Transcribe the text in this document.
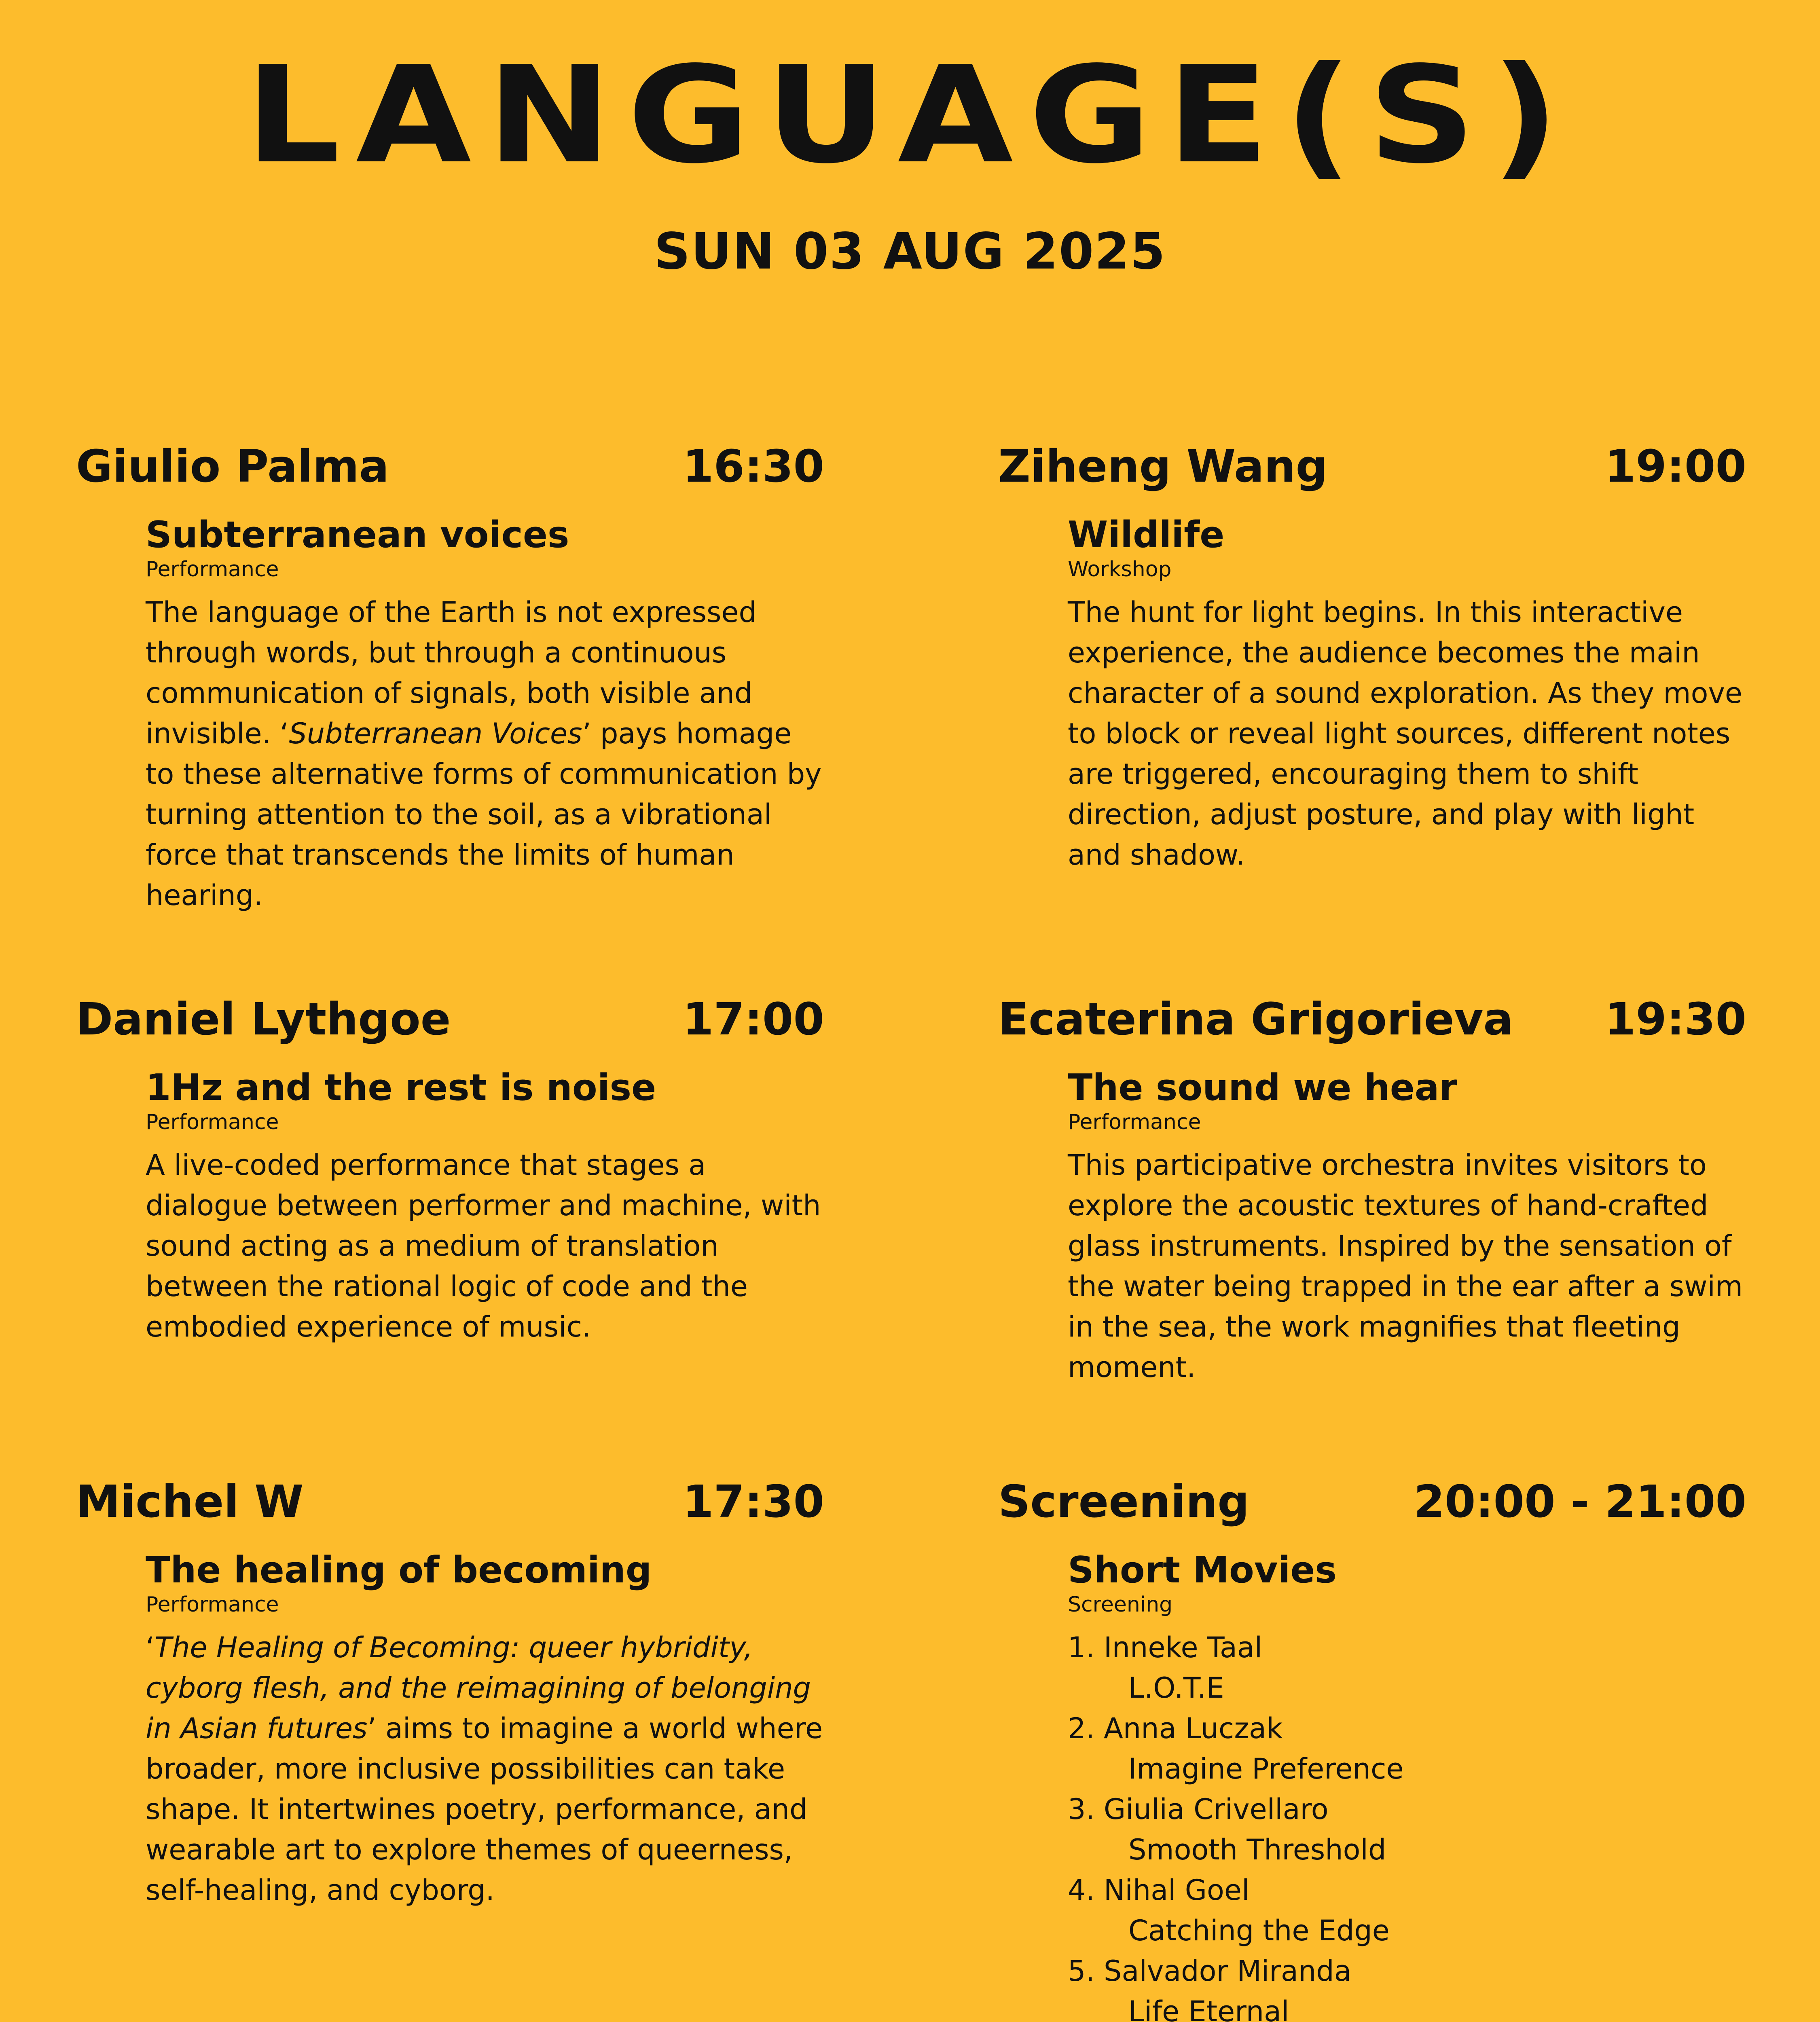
LANGUAGE(S)
SUN 03 AUG 2025
Giulio Palma	16:30
Subterranean voices
Performance
The language of the Earth is not expressed through words, but through a continuous communication of signals, both visible and invisible. ‘Subterranean Voices’ pays homage to these alternative forms of communication by turning attention to the soil, as a vibrational force that transcends the limits of human hearing.
Daniel Lythgoe	17:00
1Hz and the rest is noise
Performance
A live-coded performance that stages a dialogue between performer and machine, with sound acting as a medium of translation between the rational logic of code and the embodied experience of music.
Michel W	17:30
The healing of becoming
Performance
‘The Healing of Becoming: queer hybridity, cyborg flesh, and the reimagining of belonging in Asian futures’ aims to imagine a world where broader, more inclusive possibilities can take shape. It intertwines poetry, performance, and wearable art to explore themes of queerness, self-healing, and cyborg.
Ziheng Wang	19:00
Wildlife
Workshop
The hunt for light begins. In this interactive experience, the audience becomes the main character of a sound exploration. As they move to block or reveal light sources, different notes are triggered, encouraging them to shift direction, adjust posture, and play with light and shadow.
Ecaterina Grigorieva 19:30
The sound we hear
Performance
This participative orchestra invites visitors to explore the acoustic textures of hand-crafted glass instruments. Inspired by the sensation of the water being trapped in the ear after a swim in the sea, the work magnifies that fleeting moment.
Screening	20:00 - 21:00
Short Movies
Screening
1. Inneke Taal
L.O.T.E
2. Anna Luczak
Imagine Preference
3. Giulia Crivellaro
Smooth Threshold
4. Nihal Goel
Catching the Edge
5. Salvador Miranda
Life Eternal
